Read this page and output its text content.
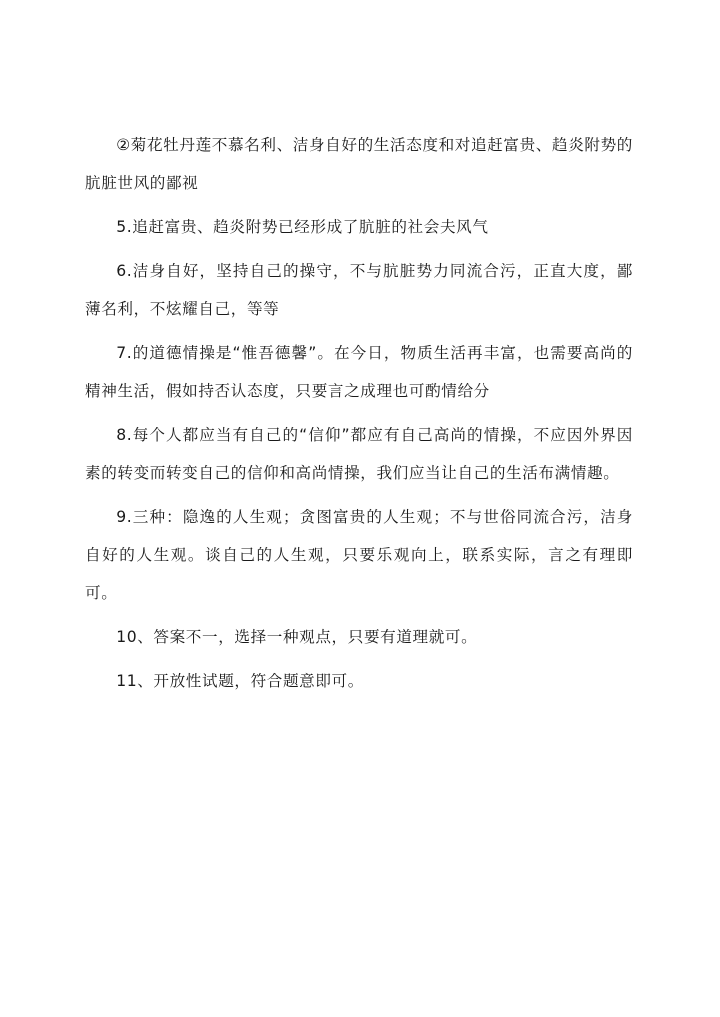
②菊花牡丹莲不慕名利、洁身自好的生活态度和对追赶富贵、趋炎附势的肮脏世风的鄙视

5.追赶富贵、趋炎附势已经形成了肮脏的社会夫风气

6.洁身自好，坚持自己的操守，不与肮脏势力同流合污，正直大度，鄙薄名利，不炫耀自己，等等

7.的道德情操是“惟吾德馨”。在今日，物质生活再丰富，也需要高尚的精神生活，假如持否认态度，只要言之成理也可酌情给分

8.每个人都应当有自己的“信仰”都应有自己高尚的情操，不应因外界因素的转变而转变自己的信仰和高尚情操，我们应当让自己的生活布满情趣。

9.三种：隐逸的人生观；贪图富贵的人生观；不与世俗同流合污，洁身自好的人生观。谈自己的人生观，只要乐观向上，联系实际，言之有理即可。

10、答案不一，选择一种观点，只要有道理就可。

11、开放性试题，符合题意即可。
